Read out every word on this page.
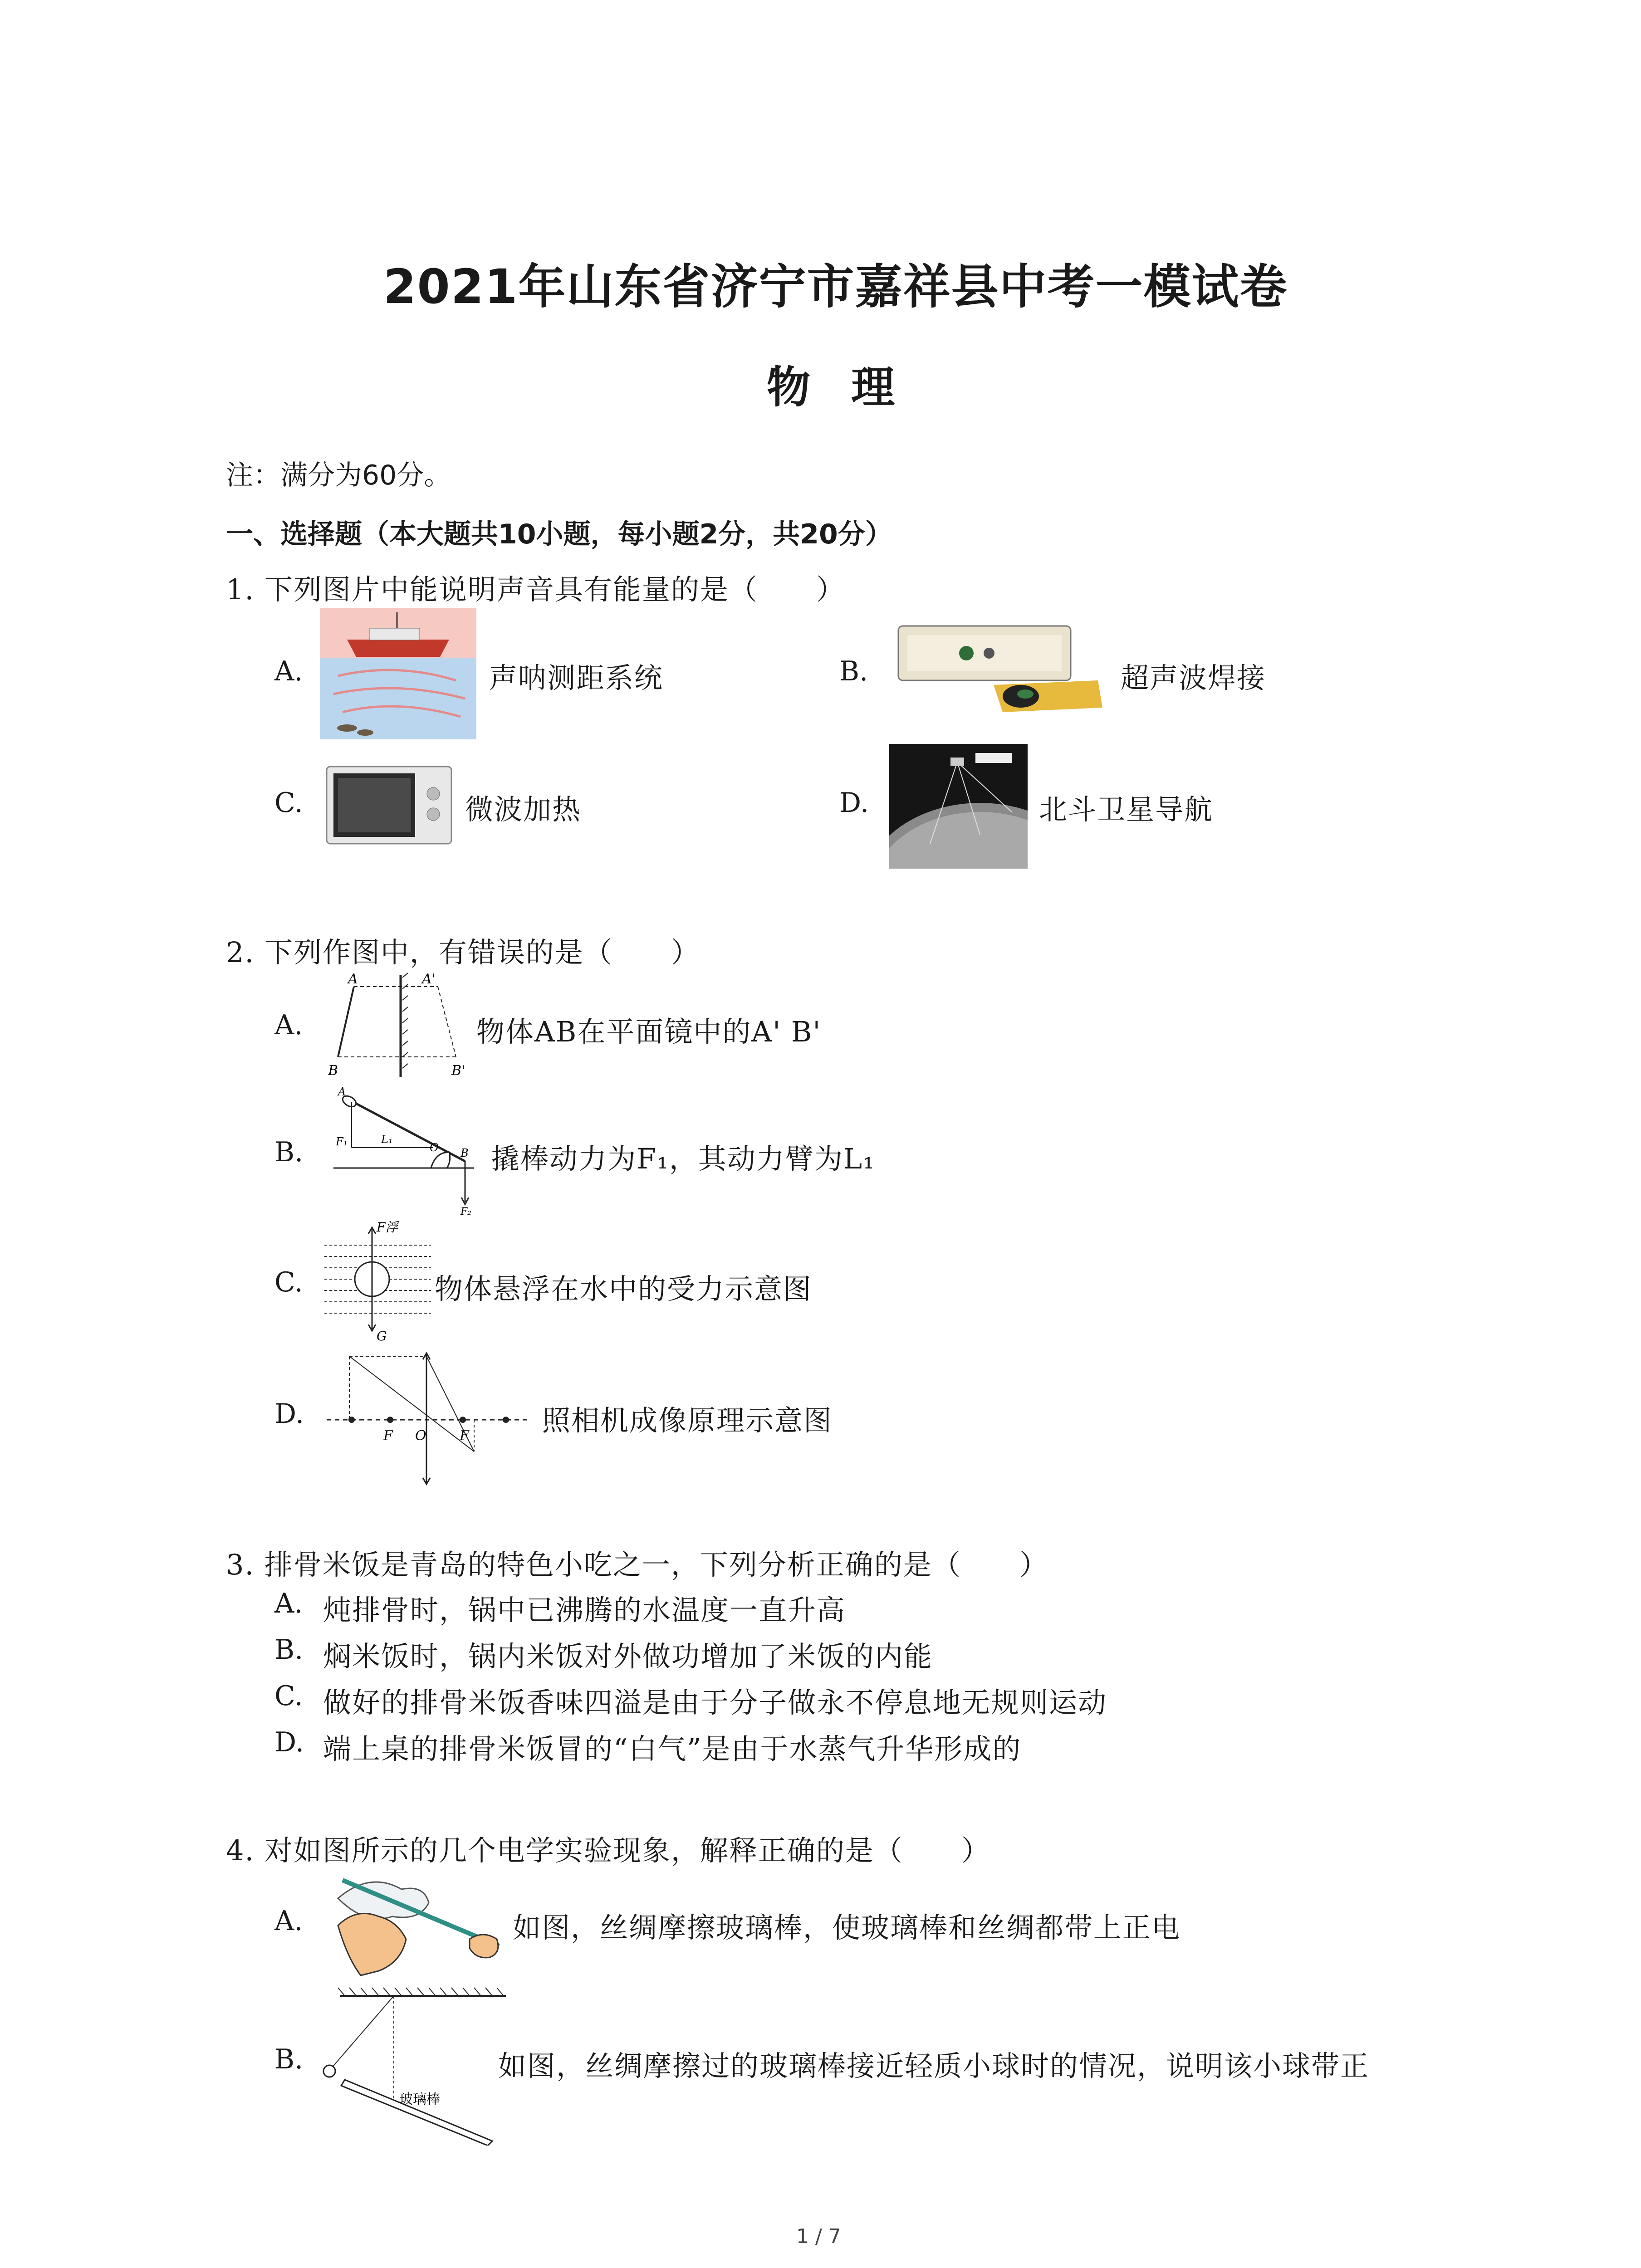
2021年山东省济宁市嘉祥县中考一模试卷
物理
注：满分为60分。
一、选择题（本大题共10小题，每小题2分，共20分）
1. 下列图片中能说明声音具有能量的是（　　）
A.	声呐测距系统	B.	超声波焊接
C.	微波加热	D.	北斗卫星导航
2. 下列作图中，有错误的是（　　）
A.
A	A'
B	B'
物体AB在平面镜中的A' B'
B.
A
F₁	L₁
O B
F₂
撬棒动力为F₁，其动力臂为L₁
C.
F浮
G
物体悬浮在水中的受力示意图
D.
F O F	照相机成像原理示意图
3. 排骨米饭是青岛的特色小吃之一，下列分析正确的是（　　）
A. 炖排骨时，锅中已沸腾的水温度一直升高
B. 焖米饭时，锅内米饭对外做功增加了米饭的内能
C. 做好的排骨米饭香味四溢是由于分子做永不停息地无规则运动
D. 端上桌的排骨米饭冒的“白气”是由于水蒸气升华形成的
4. 对如图所示的几个电学实验现象，解释正确的是（　　）
A.	如图，丝绸摩擦玻璃棒，使玻璃棒和丝绸都带上正电
B.
玻璃棒
如图，丝绸摩擦过的玻璃棒接近轻质小球时的情况，说明该小球带正
1 / 7
